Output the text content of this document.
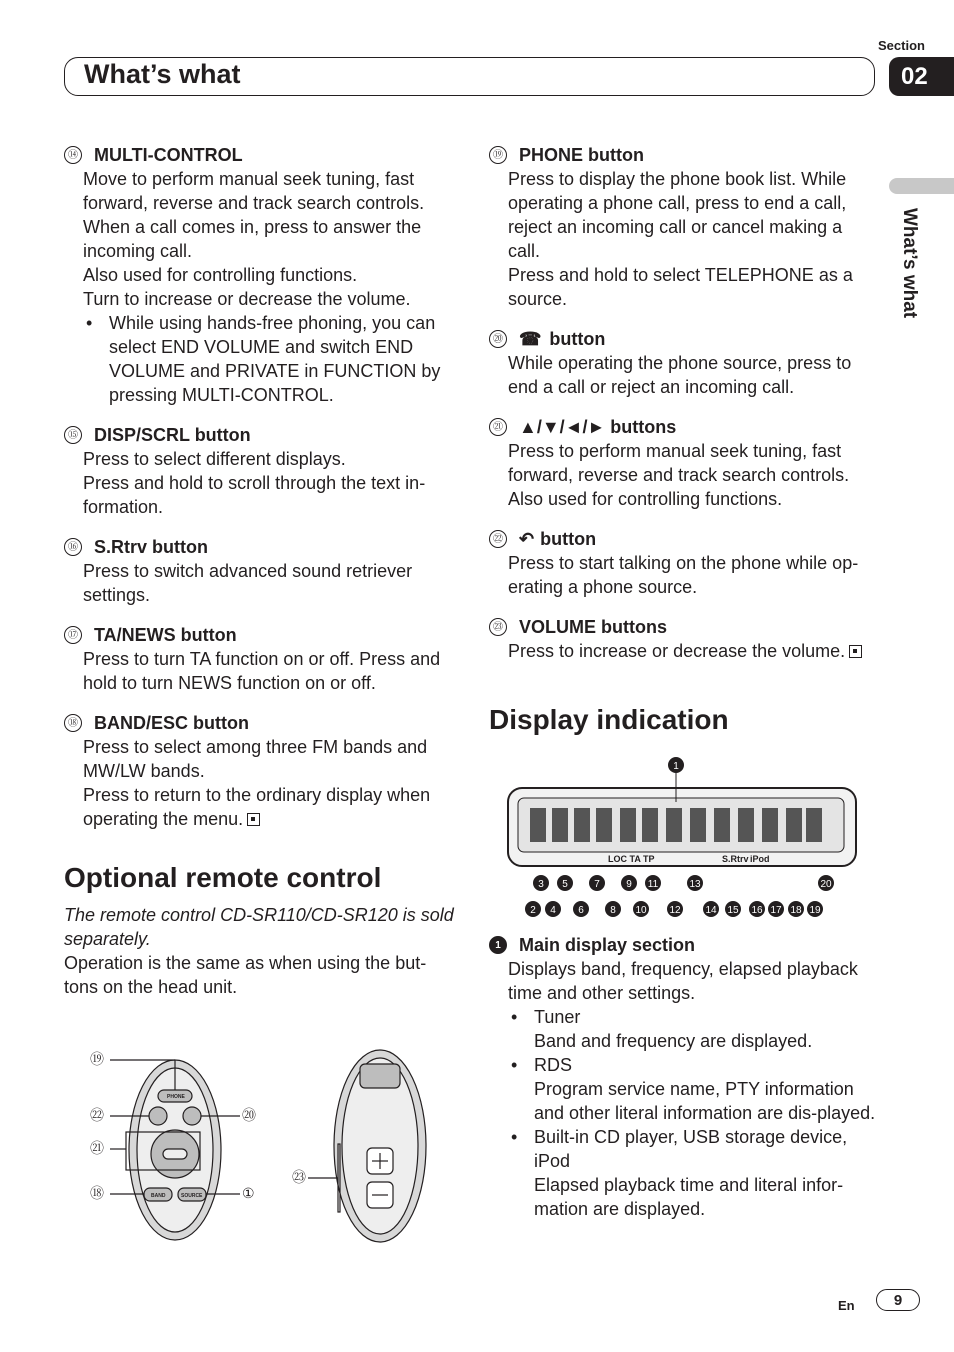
Section
02
What’s what
What’s what
⑭ MULTI-CONTROL
Move to perform manual seek tuning, fast forward, reverse and track search controls.
When a call comes in, press to answer the incoming call.
Also used for controlling functions.
Turn to increase or decrease the volume.
• While using hands-free phoning, you can select END VOLUME and switch END VOLUME and PRIVATE in FUNCTION by pressing MULTI-CONTROL.
⑮ DISP/SCRL button
Press to select different displays.
Press and hold to scroll through the text in-formation.
⑯ S.Rtrv button
Press to switch advanced sound retriever settings.
⑰ TA/NEWS button
Press to turn TA function on or off. Press and hold to turn NEWS function on or off.
⑱ BAND/ESC button
Press to select among three FM bands and MW/LW bands.
Press to return to the ordinary display when operating the menu.
Optional remote control
The remote control CD-SR110/CD-SR120 is sold separately.
Operation is the same as when using the but-tons on the head unit.
⑲
㉒	⑳
㉑
⑱	①
㉓
PHONE
BAND	SOURCE
⑲ PHONE button
Press to display the phone book list. While operating a phone call, press to end a call, reject an incoming call or cancel making a call.
Press and hold to select TELEPHONE as a source.
⑳ ☎ button
While operating the phone source, press to end a call or reject an incoming call.
㉑ ▲/▼/◄/► buttons
Press to perform manual seek tuning, fast forward, reverse and track search controls. Also used for controlling functions.
㉒ ↶ button
Press to start talking on the phone while op-erating a phone source.
㉓ VOLUME buttons
Press to increase or decrease the volume.
Display indication
LOC TA TP	S.Rtrv iPod
1
3 5	7	9 11	13	20
2 4 6	8 10 12 14 15 16 17 18 19
1	Main display section
Displays band, frequency, elapsed playback time and other settings.
• Tuner
Band and frequency are displayed.
• RDS
Program service name, PTY information and other literal information are dis-played.
• Built-in CD player, USB storage device, iPod
Elapsed playback time and literal infor-mation are displayed.
En	9
